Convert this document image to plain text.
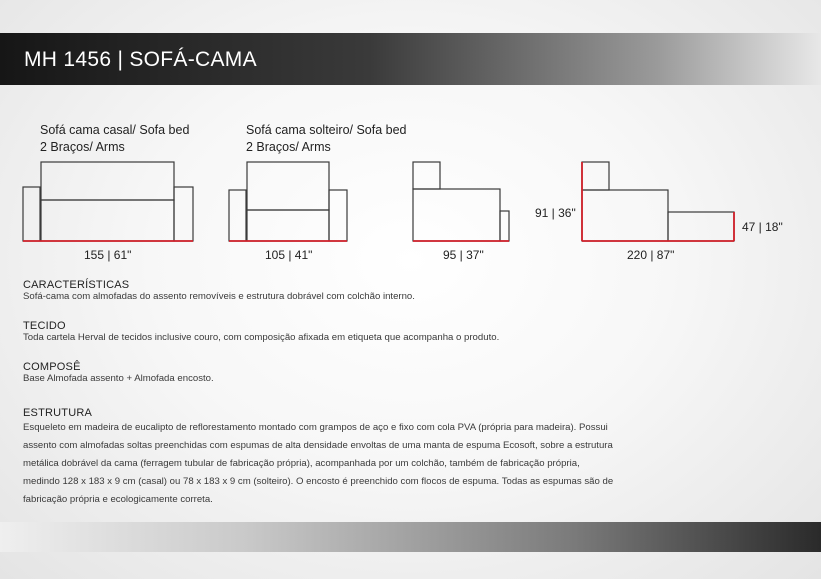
MH 1456 | SOFÁ-CAMA
Sofá cama casal/ Sofa bed
2 Braços/ Arms
Sofá cama solteiro/ Sofa bed
2 Braços/ Arms
155 | 61"	105 | 41"	95 | 37"	220 | 87"
91 | 36"
47 | 18"
CARACTERÍSTICAS
Sofá-cama com almofadas do assento removíveis e estrutura dobrável com colchão interno.
TECIDO
Toda cartela Herval de tecidos inclusive couro, com composição afixada em etiqueta que acompanha o produto.
COMPOSÊ
Base Almofada assento + Almofada encosto.
ESTRUTURA
Esqueleto em madeira de eucalipto de reflorestamento montado com grampos de aço e fixo com cola PVA (própria para madeira). Possui
assento com almofadas soltas preenchidas com espumas de alta densidade envoltas de uma manta de espuma Ecosoft, sobre a estrutura
metálica dobrável da cama (ferragem tubular de fabricação própria), acompanhada por um colchão, também de fabricação própria,
medindo 128 x 183 x 9 cm (casal) ou 78 x 183 x 9 cm (solteiro). O encosto é preenchido com flocos de espuma. Todas as espumas são de
fabricação própria e ecologicamente correta.
